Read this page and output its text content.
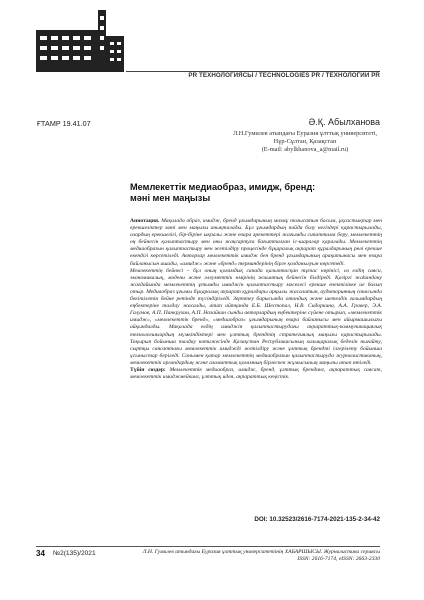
PR ТЕХНОЛОГИЯСЫ / TECHNOLOGIES PR / ТЕХНОЛОГИИ PR
ҒТАМР 19.41.07	Ә.Қ. Абылханова
Л.Н.Гумилев атындағы Еуразия ұлттық университеті,
Нұр-Сұлтан, Қазақстан
(E-mail: abylkhanova_a@mail.ru)
Мемлекеттік медиаобраз, имидж, бренд:
мәні мен маңызы

Аннотация. Мақалада образ, имидж, бренд ұғымдарының мазмұ тоғысатын басым, ұқсастықтар мен ерекшеліктер мәні мен маңызы анықталады. Бұл ұғымдардың пайда болу негіздері қарастырылады, олардың ерекшелігі, бір-біріне ықпалы және өзара әрекеттері жағымды сипаттама беру, мемлекеттің оң бейнесін қалыптастыру мен оны жақсартуға бағытталған іс-шаралар қаралады. Мемлекеттің медиаобразын қалыптастыру мен жетілдіру процесінде бұқаралық ақпарат құралдарының рөлі ерекше екендігі көрсетіледі. Авторлар мемлекеттік имидж бен бренд ұғымдарының арақатынасы мен өзара байланысын ашады, «имидж» және «бренд» терминдерінің бірге қолданылуын көрсетеді.

Мемлекеттің бейнесі – бұл оның қоғамдық санада қалыптасқан тұтас көрінісі, ол елдің саяси, экономикалық, мәдени және әлеуметтік өмірінің жиынтық бейнесін білдіреді. Қазіргі жаһандану жағдайында мемлекеттің ұтымды имиджін қалыптастыру мәселесі ерекше өзектілікке ие болып отыр. Медиаобраз ұғымы бұқаралық ақпарат құралдары арқылы жасалатын, аудиторияның санасында бекітілетін бейне ретінде түсіндіріледі. Зерттеу барысында отандық және шетелдік ғалымдардың еңбектеріне талдау жасалды, атап айтқанда Е.Б. Шестопал, Н.В. Сидоркина, А.А. Гравер, Э.А. Галумов, А.П. Панкрухин, А.П. Назайкин сынды авторлардың еңбектеріне сүйене отырып, «мемлекеттік имидж», «мемлекеттік бренд», «медиаобраз» ұғымдарының өзара байланысы мен айырмашылығы айқындалды. Мақалада елдің имиджін қалыптастырудағы ақпараттық-коммуникациялық технологиялардың мүмкіндіктері мен ұлттық брендтің стратегиялық маңызы қарастырылады. Тақырып бойынша талдау нәтижесінде Қазақстан Республикасының халықаралық беделін нығайту, сыртқы саясаттағы мемлекеттік имиджді жетілдіру және ұлттық брендті ілгерілету бойынша ұсыныстар беріледі. Сонымен қатар мемлекеттің медиаобразын қалыптастыруда журналистиканың, мемлекеттік органдардың және азаматтық қоғамның бірлескен жұмысының маңызы атап өтіледі.

Түйін сөздер: Мемлекеттік медиаобраз, имидж, бренд, ұлттық брендинг, ақпараттық саясат, мемлекеттік имиджмейкинг, ұлттық идея, ақпараттық кеңістік.

DOI: 10.32523/2616-7174-2021-135-2-34-42
34 №2(135)/2021	Л.Н. Гумилев атындағы Еуразия ұлттық университетінің ХАБАРШЫСЫ. Журналистика сериясы
ISSN: 2616-7174, eISSN: 2663-2330
